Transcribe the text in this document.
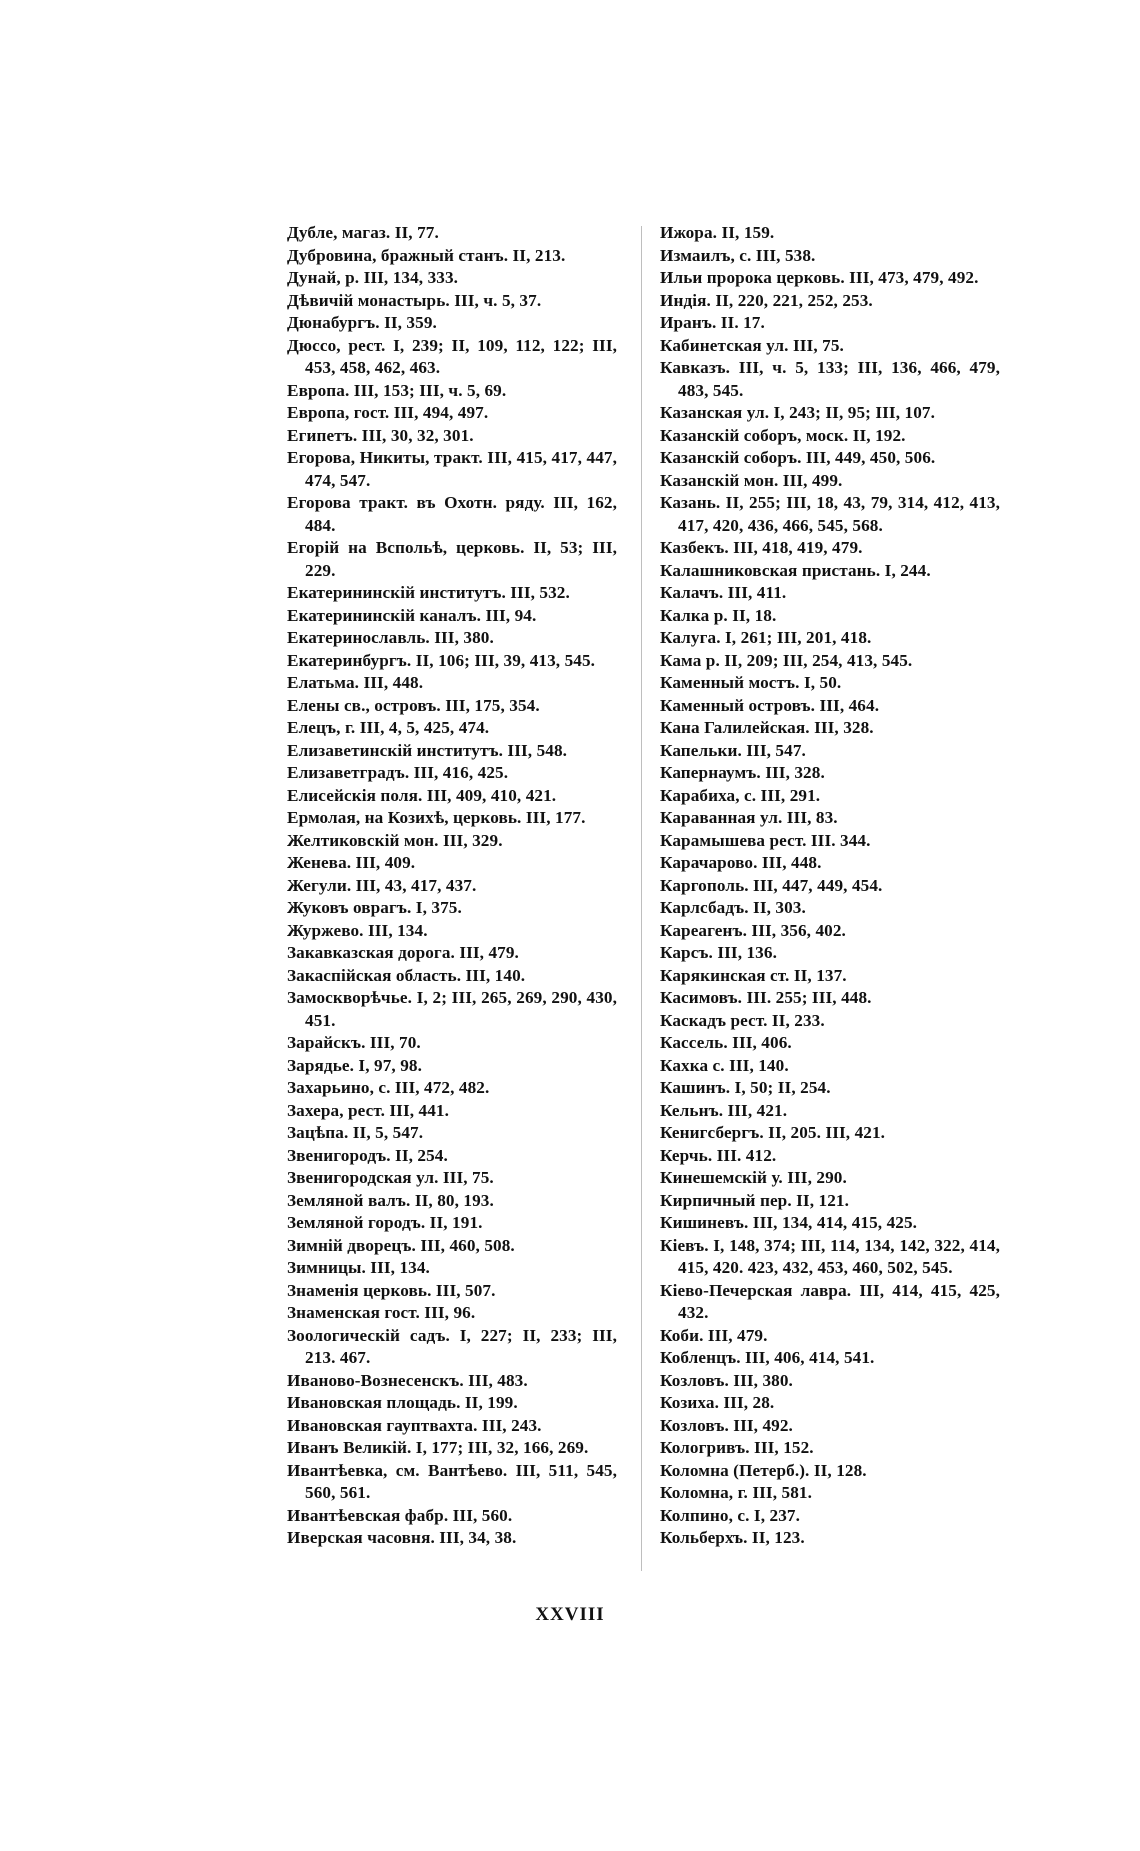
Дубле, магаз. II, 77.
Дубровина, бражный станъ. II, 213.
Дунай, р. III, 134, 333.
Дѣвичій монастырь. III, ч. 5, 37.
Дюнабургъ. II, 359.
Дюссо, рест. I, 239; II, 109, 112, 122; III, 453, 458, 462, 463.
Европа. III, 153; III, ч. 5, 69.
Европа, гост. III, 494, 497.
Египетъ. III, 30, 32, 301.
Егорова, Никиты, тракт. III, 415, 417, 447, 474, 547.
Егорова тракт. въ Охотн. ряду. III, 162, 484.
Егорій на Вспольѣ, церковь. II, 53; III, 229.
Екатерининскій институтъ. III, 532.
Екатерининскій каналъ. III, 94.
Екатеринославль. III, 380.
Екатеринбургъ. II, 106; III, 39, 413, 545.
Елатьма. III, 448.
Елены св., островъ. III, 175, 354.
Елецъ, г. III, 4, 5, 425, 474.
Елизаветинскій институтъ. III, 548.
Елизаветградъ. III, 416, 425.
Елисейскія поля. III, 409, 410, 421.
Ермолая, на Козихѣ, церковь. III, 177.
Желтиковскій мон. III, 329.
Женева. III, 409.
Жегули. III, 43, 417, 437.
Жуковъ оврагъ. I, 375.
Журжево. III, 134.
Закавказская дорога. III, 479.
Закаспійская область. III, 140.
Замоскворѣчье. I, 2; III, 265, 269, 290, 430, 451.
Зарайскъ. III, 70.
Зарядье. I, 97, 98.
Захарьино, с. III, 472, 482.
Захера, рест. III, 441.
Зацѣпа. II, 5, 547.
Звенигородъ. II, 254.
Звенигородская ул. III, 75.
Земляной валъ. II, 80, 193.
Земляной городъ. II, 191.
Зимній дворецъ. III, 460, 508.
Зимницы. III, 134.
Знаменія церковь. III, 507.
Знаменская гост. III, 96.
Зоологическій садъ. I, 227; II, 233; III, 213. 467.
Иваново-Вознесенскъ. III, 483.
Ивановская площадь. II, 199.
Ивановская гауптвахта. III, 243.
Иванъ Великій. I, 177; III, 32, 166, 269.
Ивантѣевка, см. Вантѣево. III, 511, 545, 560, 561.
Ивантѣевская фабр. III, 560.
Иверская часовня. III, 34, 38.
Ижора. II, 159.
Измаилъ, с. III, 538.
Ильи пророка церковь. III, 473, 479, 492.
Индія. II, 220, 221, 252, 253.
Иранъ. II. 17.
Кабинетская ул. III, 75.
Кавказъ. III, ч. 5, 133; III, 136, 466, 479, 483, 545.
Казанская ул. I, 243; II, 95; III, 107.
Казанскій соборъ, моск. II, 192.
Казанскій соборъ. III, 449, 450, 506.
Казанскій мон. III, 499.
Казань. II, 255; III, 18, 43, 79, 314, 412, 413, 417, 420, 436, 466, 545, 568.
Казбекъ. III, 418, 419, 479.
Калашниковская пристань. I, 244.
Калачъ. III, 411.
Калка р. II, 18.
Калуга. I, 261; III, 201, 418.
Кама р. II, 209; III, 254, 413, 545.
Каменный мостъ. I, 50.
Каменный островъ. III, 464.
Кана Галилейская. III, 328.
Капельки. III, 547.
Капернаумъ. III, 328.
Карабиха, с. III, 291.
Караванная ул. III, 83.
Карамышева рест. III. 344.
Карачарово. III, 448.
Каргополь. III, 447, 449, 454.
Карлсбадъ. II, 303.
Кареагенъ. III, 356, 402.
Карсъ. III, 136.
Карякинская ст. II, 137.
Касимовъ. III. 255; III, 448.
Каскадъ рест. II, 233.
Кассель. III, 406.
Кахка с. III, 140.
Кашинъ. I, 50; II, 254.
Кельнъ. III, 421.
Кенигсбергъ. II, 205. III, 421.
Керчь. III. 412.
Кинешемскій у. III, 290.
Кирпичный пер. II, 121.
Кишиневъ. III, 134, 414, 415, 425.
Кіевъ. I, 148, 374; III, 114, 134, 142, 322, 414, 415, 420. 423, 432, 453, 460, 502, 545.
Кіево-Печерская лавра. III, 414, 415, 425, 432.
Коби. III, 479.
Кобленцъ. III, 406, 414, 541.
Козловъ. III, 380.
Козиха. III, 28.
Козловъ. III, 492.
Кологривъ. III, 152.
Коломна (Петерб.). II, 128.
Коломна, г. III, 581.
Колпино, с. I, 237.
Кольберхъ. II, 123.
XXVIII
